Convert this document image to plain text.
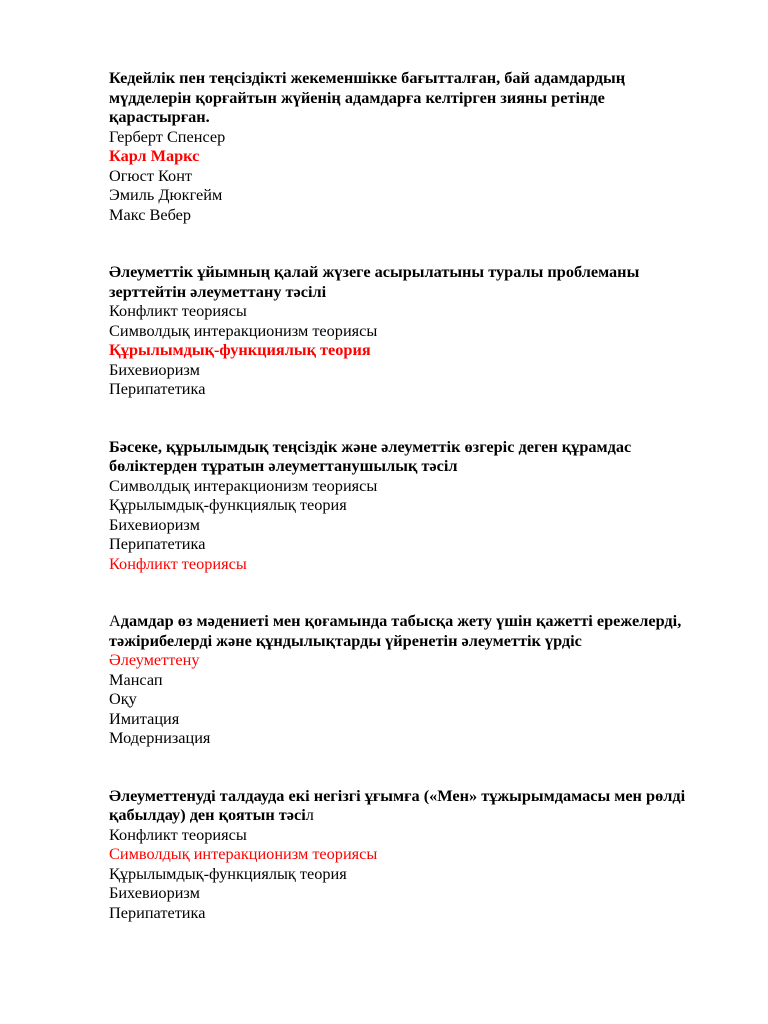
Кедейлік пен теңсіздікті жекеменшікке бағытталған, бай адамдардың мүдделерін қорғайтын жүйенің адамдарға келтірген зияны ретінде қарастырған.

Герберт Спенсер
Карл Маркс
Огюст Конт
Эмиль Дюкгейм
Макс Вебер

Әлеуметтік ұйымның қалай жүзеге асырылатыны туралы проблеманы зерттейтін әлеуметтану тәсілі

Конфликт теориясы
Символдық интеракционизм теориясы
Құрылымдық-функциялық теория
Бихевиоризм
Перипатетика

Бәсеке, құрылымдық теңсіздік және әлеуметтік өзгеріс деген құрамдас бөліктерден тұратын әлеуметтанушылық тәсіл

Символдық интеракционизм теориясы
Құрылымдық-функциялық теория
Бихевиоризм
Перипатетика
Конфликт теориясы

Адамдар өз мәдениеті мен қоғамында табысқа жету үшін қажетті ережелерді, тәжірибелерді және құндылықтарды үйренетін әлеуметтік үрдіс

Әлеуметтену
Мансап
Оқу
Имитация
Модернизация

Әлеуметтенуді талдауда екі негізгі ұғымға («Мен» тұжырымдамасы мен рөлді қабылдау) ден қоятын тәсіл

Конфликт теориясы
Символдық интеракционизм теориясы
Құрылымдық-функциялық теория
Бихевиоризм
Перипатетика
